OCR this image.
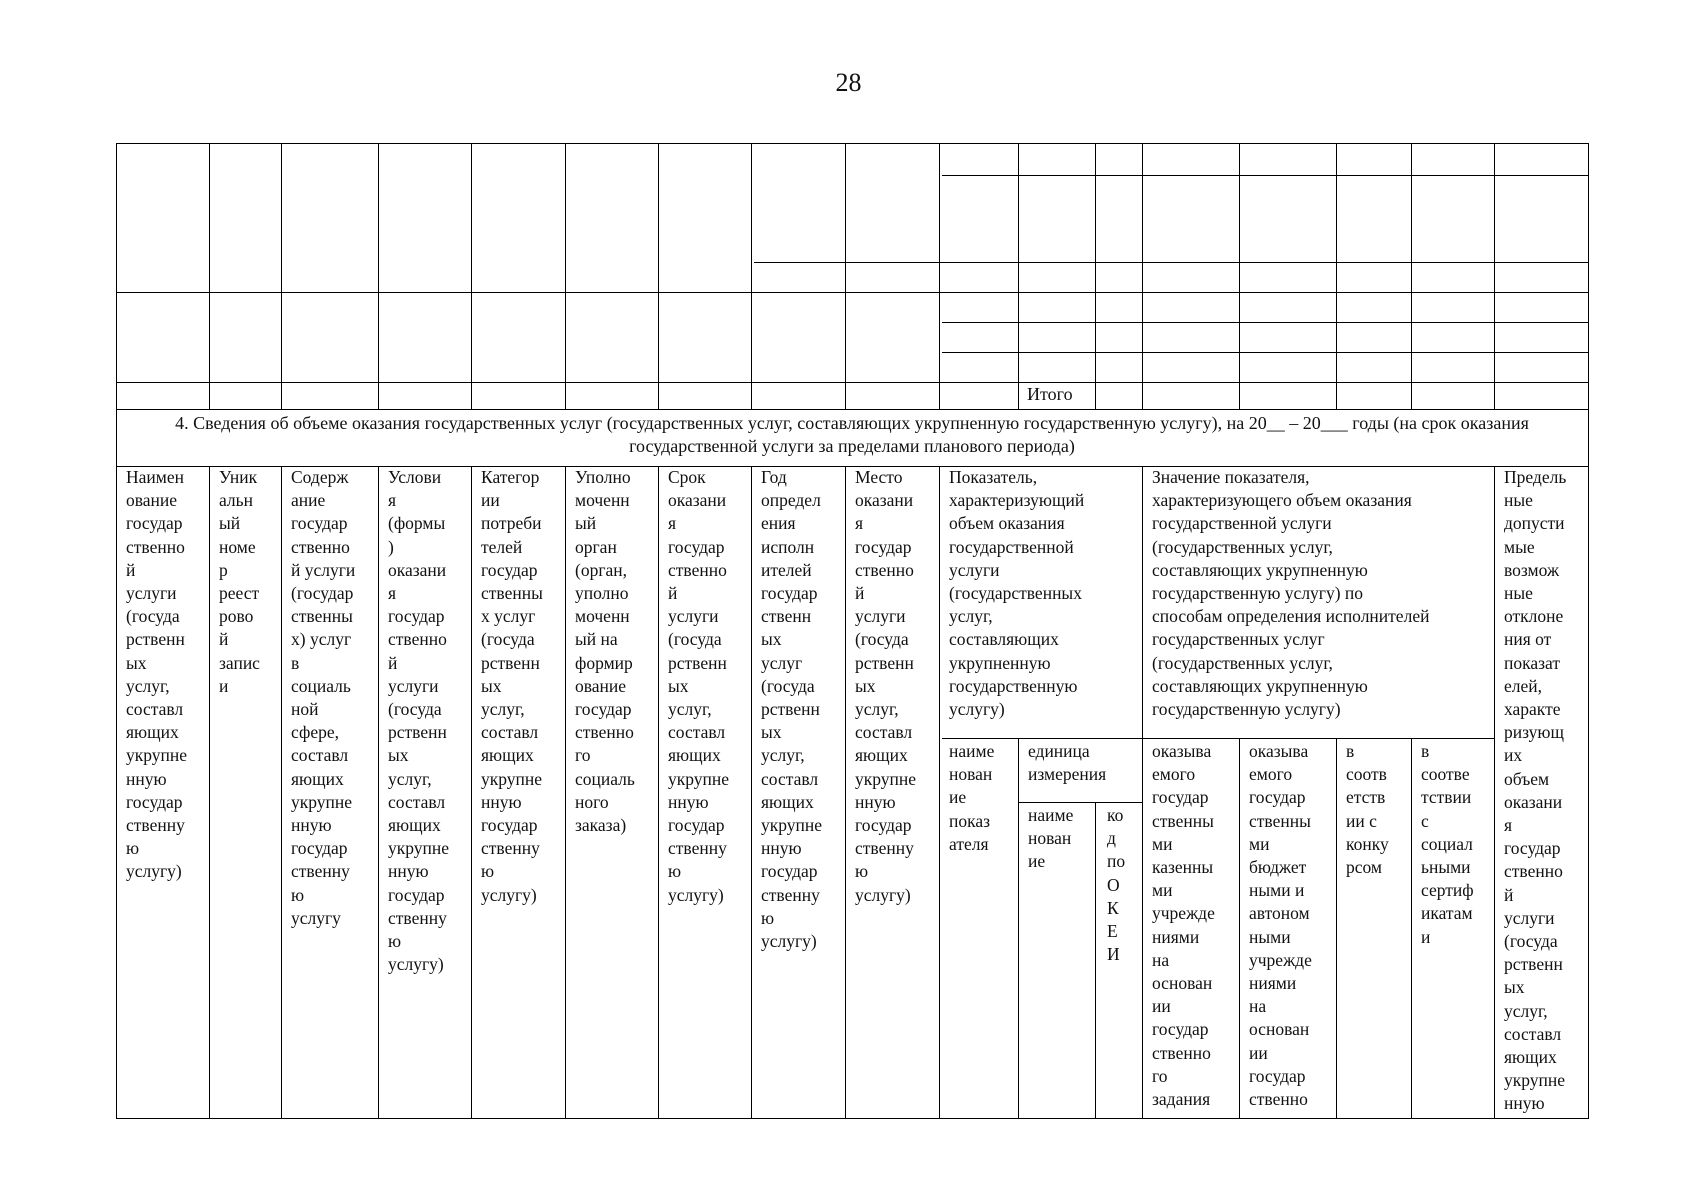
28
Итого
4. Сведения об объеме оказания государственных услуг (государственных услуг, составляющих укрупненную государственную услугу), на 20__ – 20___ годы (на срок оказания государственной услуги за пределами планового периода)
Наимен
ование
государ
ственно
й
услуги
(госуда
рственн
ых
услуг,
составл
яющих
укрупне
нную
государ
ственну
ю
услугу)
Уник
альн
ый
номе
р
реест
рово
й
запис
и
Содерж
ание
государ
ственно
й услуги
(государ
ственны
х) услуг
в
социаль
ной
сфере,
составл
яющих
укрупне
нную
государ
ственну
ю
услугу
Услови
я
(формы
)
оказани
я
государ
ственно
й
услуги
(госуда
рственн
ых
услуг,
составл
яющих
укрупне
нную
государ
ственну
ю
услугу)
Категор
ии
потреби
телей
государ
ственны
х услуг
(госуда
рственн
ых
услуг,
составл
яющих
укрупне
нную
государ
ственну
ю
услугу)
Уполно
моченн
ый
орган
(орган,
уполно
моченн
ый на
формир
ование
государ
ственно
го
социаль
ного
заказа)
Срок
оказани
я
государ
ственно
й
услуги
(госуда
рственн
ых
услуг,
составл
яющих
укрупне
нную
государ
ственну
ю
услугу)
Год
определ
ения
исполн
ителей
государ
ственн
ых
услуг
(госуда
рственн
ых
услуг,
составл
яющих
укрупне
нную
государ
ственну
ю
услугу)
Место
оказани
я
государ
ственно
й
услуги
(госуда
рственн
ых
услуг,
составл
яющих
укрупне
нную
государ
ственну
ю
услугу)
Показатель,
характеризующий
объем оказания
государственной
услуги
(государственных
услуг,
составляющих
укрупненную
государственную
услугу)
наиме
нован
ие
показ
ателя
единица
измерения
наиме
нован
ие
ко
д
по
О
К
Е
И
Значение показателя,
характеризующего объем оказания
государственной услуги
(государственных услуг,
составляющих укрупненную
государственную услугу) по
способам определения исполнителей
государственных услуг
(государственных услуг,
составляющих укрупненную
государственную услугу)
оказыва
емого
государ
ственны
ми
казенны
ми
учрежде
ниями
на
основан
ии
государ
ственно
го
задания
оказыва
емого
государ
ственны
ми
бюджет
ными и
автоном
ными
учрежде
ниями
на
основан
ии
государ
ственно
в
соотв
етств
ии с
конку
рсом
в
соотве
тствии
с
социал
ьными
сертиф
икатам
и
Предель
ные
допусти
мые
возмож
ные
отклоне
ния от
показат
елей,
характе
ризующ
их
объем
оказани
я
государ
ственно
й
услуги
(госуда
рственн
ых
услуг,
составл
яющих
укрупне
нную
